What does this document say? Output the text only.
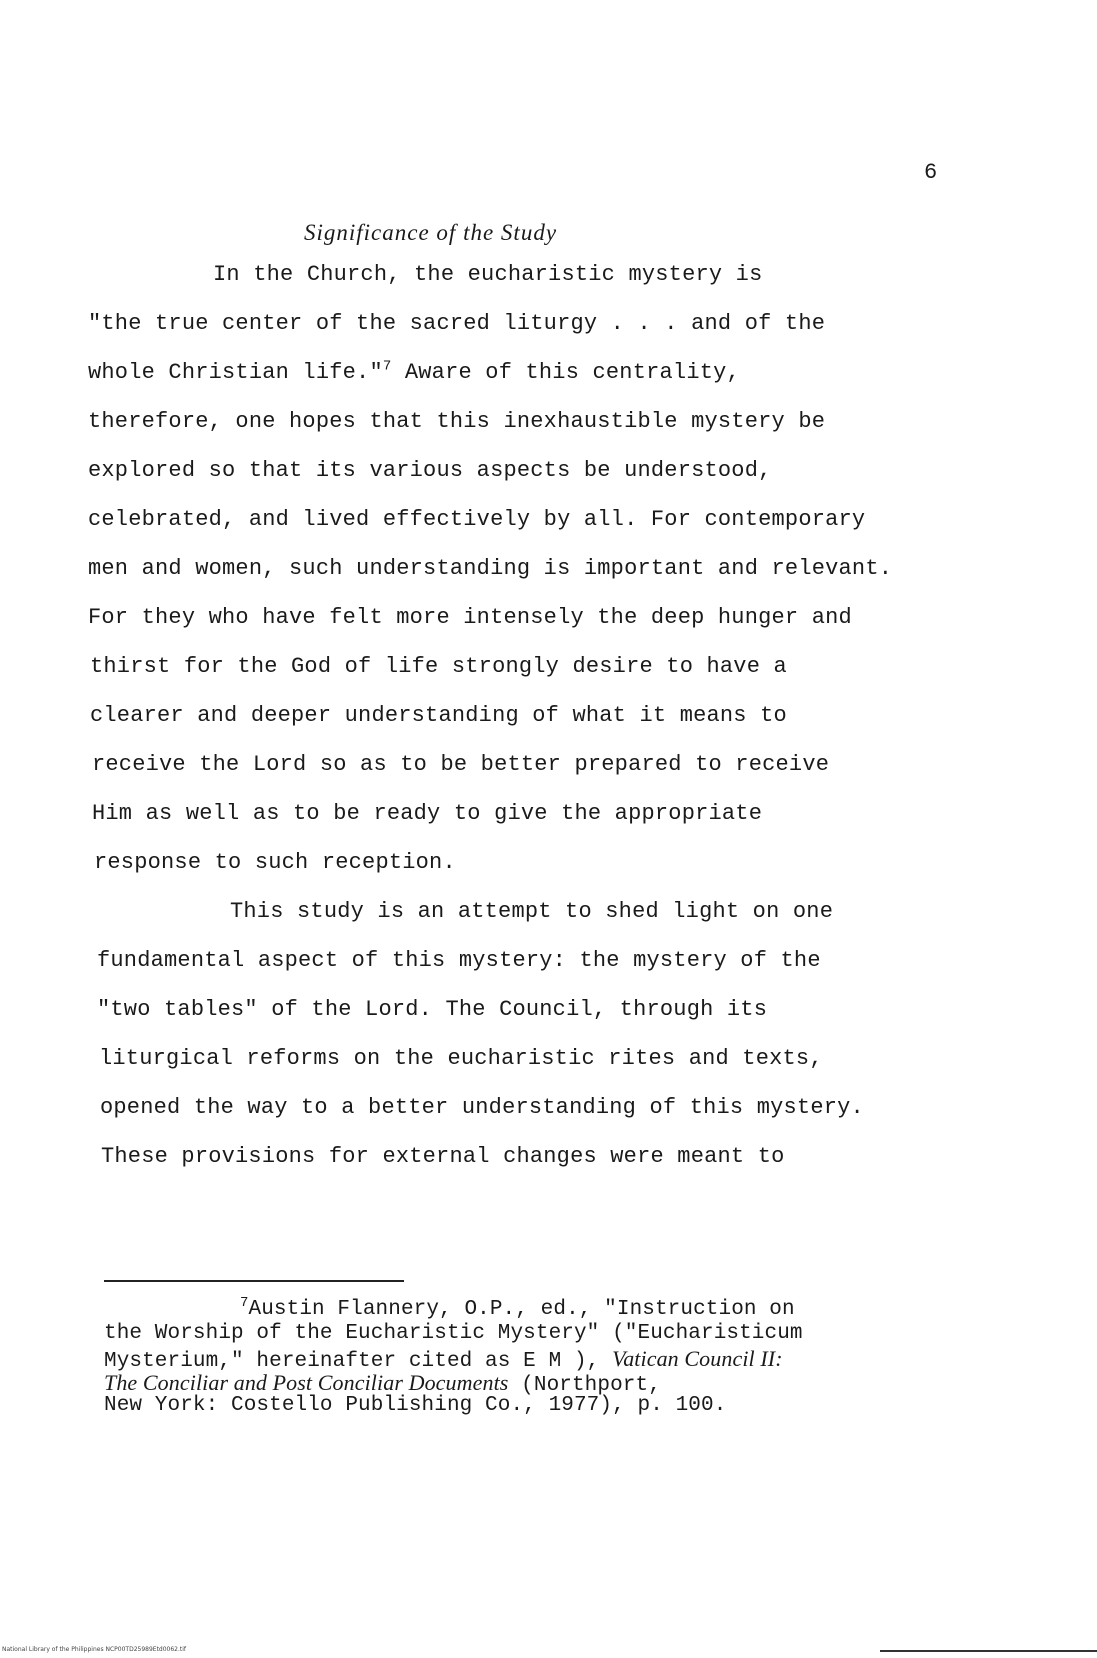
6
Significance of the Study
In the Church, the eucharistic mystery is
"the true center of the sacred liturgy . . . and of the
whole Christian life."$^7$ Aware of this centrality,
therefore, one hopes that this inexhaustible mystery be
explored so that its various aspects be understood,
celebrated, and lived effectively by all. For contemporary
men and women, such understanding is important and relevant.
For they who have felt more intensely the deep hunger and
thirst for the God of life strongly desire to have a
clearer and deeper understanding of what it means to
receive the Lord so as to be better prepared to receive
Him as well as to be ready to give the appropriate
response to such reception.
This study is an attempt to shed light on one
fundamental aspect of this mystery: the mystery of the
"two tables" of the Lord. The Council, through its
liturgical reforms on the eucharistic rites and texts,
opened the way to a better understanding of this mystery.
These provisions for external changes were meant to
$^7$Austin Flannery, O.P., ed., "Instruction on
the Worship of the Eucharistic Mystery" ("Eucharisticum
Mysterium," hereinafter cited as E M ), Vatican Council II:
The Conciliar and Post Conciliar Documents (Northport,
New York: Costello Publishing Co., 1977), p. 100.
National Library of the Philippines NCP00TD25989Etd0062.tif
